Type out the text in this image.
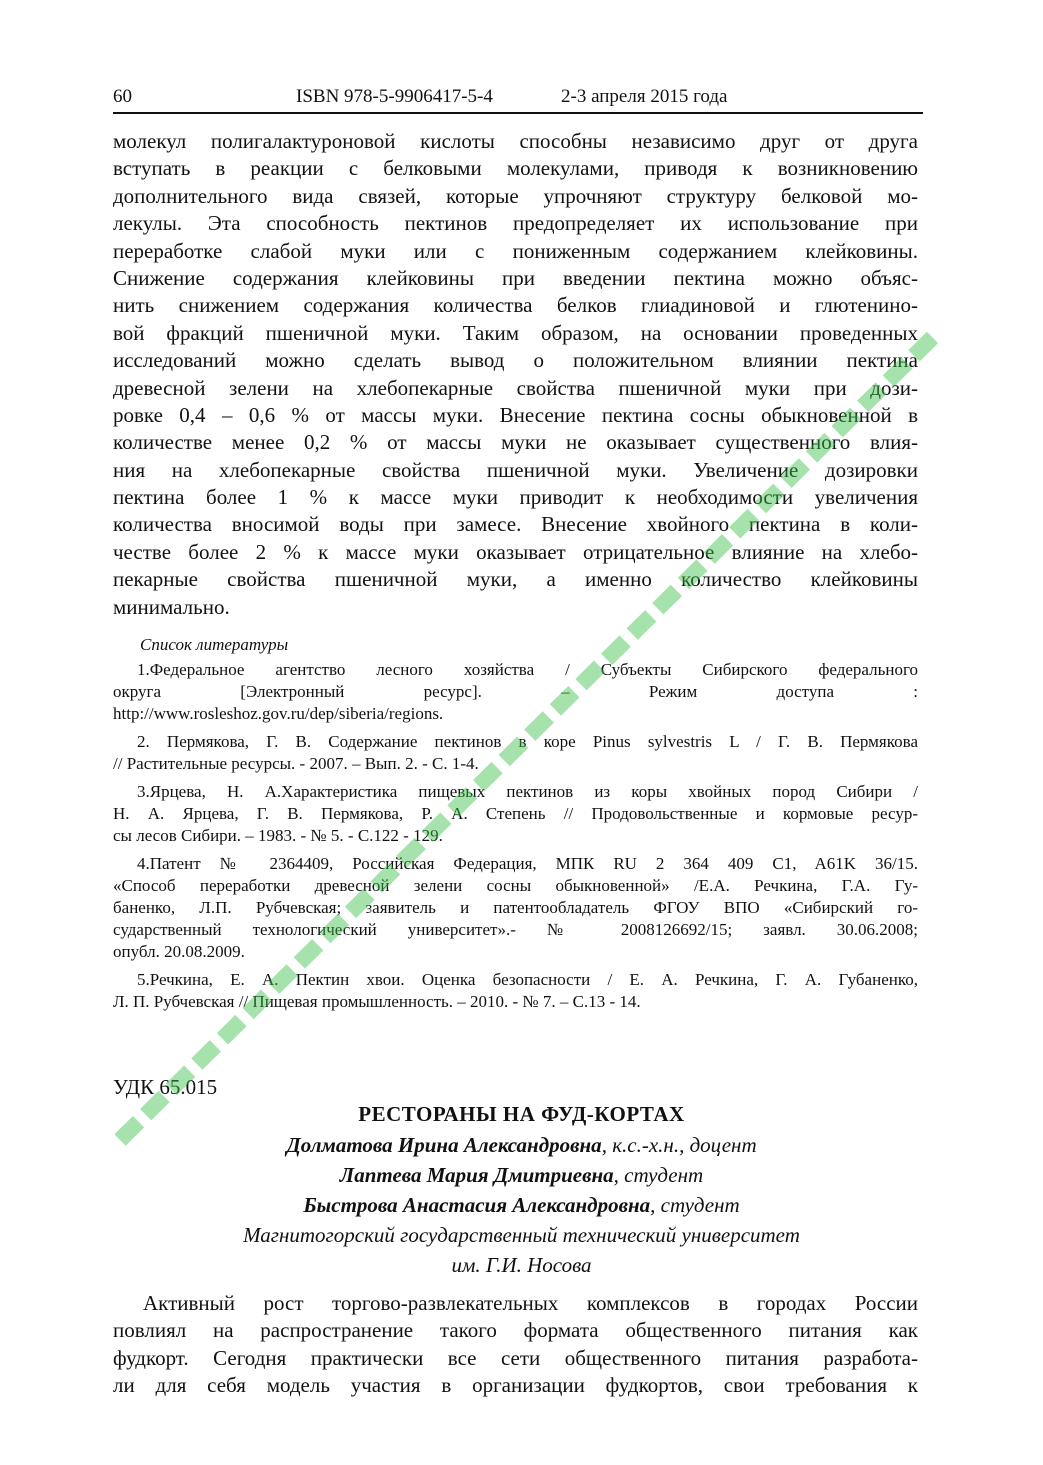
60	ISBN 978-5-9906417-5-4	2-3 апреля 2015 года
молекул полигалактуроновой кислоты способны независимо друг от друга
вступать в реакции с белковыми молекулами, приводя к возникновению
дополнительного вида связей, которые упрочняют структуру белковой мо-
лекулы. Эта способность пектинов предопределяет их использование при
переработке слабой муки или с пониженным содержанием клейковины.
Снижение содержания клейковины при введении пектина можно объяс-
нить снижением содержания количества белков глиадиновой и глютенино-
вой фракций пшеничной муки. Таким образом, на основании проведенных
исследований можно сделать вывод о положительном влиянии пектина
древесной зелени на хлебопекарные свойства пшеничной муки при дози-
ровке 0,4 – 0,6 % от массы муки. Внесение пектина сосны обыкновенной в
количестве менее 0,2 % от массы муки не оказывает существенного влия-
ния на хлебопекарные свойства пшеничной муки. Увеличение дозировки
пектина более 1 % к массе муки приводит к необходимости увеличения
количества вносимой воды при замесе. Внесение хвойного пектина в коли-
честве более 2 % к массе муки оказывает отрицательное влияние на хлебо-
пекарные свойства пшеничной муки, а именно количество клейковины
минимально.
Список литературы
1.Федеральное агентство лесного хозяйства / Субъекты Сибирского федерального
округа [Электронный ресурс]. – Режим доступа :
http://www.rosleshoz.gov.ru/dep/siberia/regions.
2. Пермякова, Г. В. Содержание пектинов в коре Pinus sylvestris L / Г. В. Пермякова
// Растительные ресурсы. - 2007. – Вып. 2. - С. 1-4.
3.Ярцева, Н. А.Характеристика пищевых пектинов из коры хвойных пород Сибири /
Н. А. Ярцева, Г. В. Пермякова, Р. А. Степень // Продовольственные и кормовые ресур-
сы лесов Сибири. – 1983. - № 5. - С.122 - 129.
4.Патент № 2364409, Российская Федерация, МПК RU 2 364 409 C1, A61K 36/15.
«Способ переработки древесной зелени сосны обыкновенной» /Е.А. Речкина, Г.А. Гу-
баненко, Л.П. Рубчевская; заявитель и патентообладатель ФГОУ ВПО «Сибирский го-
сударственный технологический университет».- № 2008126692/15; заявл. 30.06.2008;
опубл. 20.08.2009.
5.Речкина, Е. А. Пектин хвои. Оценка безопасности / Е. А. Речкина, Г. А. Губаненко,
Л. П. Рубчевская // Пищевая промышленность. – 2010. - № 7. – С.13 - 14.
УДК 65.015
РЕСТОРАНЫ НА ФУД-КОРТАХ
Долматова Ирина Александровна, к.с.-х.н., доцент
Лаптева Мария Дмитриевна, студент
Быстрова Анастасия Александровна, студент
Магнитогорский государственный технический университет
им. Г.И. Носова
Активный рост торгово-развлекательных комплексов в городах России
повлиял на распространение такого формата общественного питания как
фудкорт. Сегодня практически все сети общественного питания разработа-
ли для себя модель участия в организации фудкортов, свои требования к
